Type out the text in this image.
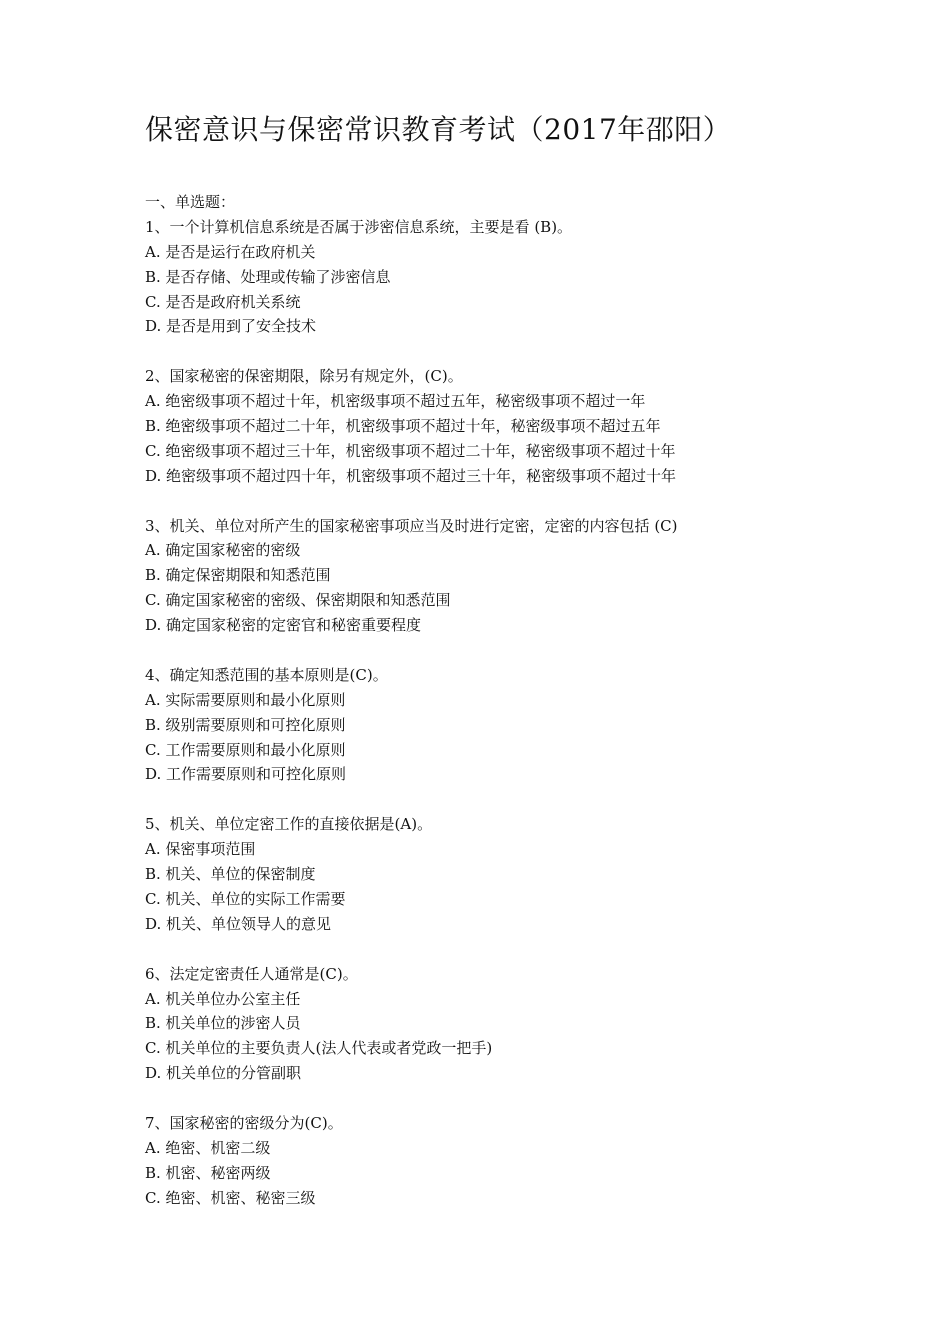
保密意识与保密常识教育考试（2017年邵阳）
一、单选题：
1、一个计算机信息系统是否属于涉密信息系统，主要是看 (B)。
A. 是否是运行在政府机关
B. 是否存储、处理或传输了涉密信息
C. 是否是政府机关系统
D. 是否是用到了安全技术
2、国家秘密的保密期限，除另有规定外，(C)。
A. 绝密级事项不超过十年，机密级事项不超过五年，秘密级事项不超过一年
B. 绝密级事项不超过二十年，机密级事项不超过十年，秘密级事项不超过五年
C. 绝密级事项不超过三十年，机密级事项不超过二十年，秘密级事项不超过十年
D. 绝密级事项不超过四十年，机密级事项不超过三十年，秘密级事项不超过十年
3、机关、单位对所产生的国家秘密事项应当及时进行定密，定密的内容包括 (C)
A. 确定国家秘密的密级
B. 确定保密期限和知悉范围
C. 确定国家秘密的密级、保密期限和知悉范围
D. 确定国家秘密的定密官和秘密重要程度
4、确定知悉范围的基本原则是(C)。
A. 实际需要原则和最小化原则
B. 级别需要原则和可控化原则
C. 工作需要原则和最小化原则
D. 工作需要原则和可控化原则
5、机关、单位定密工作的直接依据是(A)。
A. 保密事项范围
B. 机关、单位的保密制度
C. 机关、单位的实际工作需要
D. 机关、单位领导人的意见
6、法定定密责任人通常是(C)。
A. 机关单位办公室主任
B. 机关单位的涉密人员
C. 机关单位的主要负责人(法人代表或者党政一把手)
D. 机关单位的分管副职
7、国家秘密的密级分为(C)。
A. 绝密、机密二级
B. 机密、秘密两级
C. 绝密、机密、秘密三级
